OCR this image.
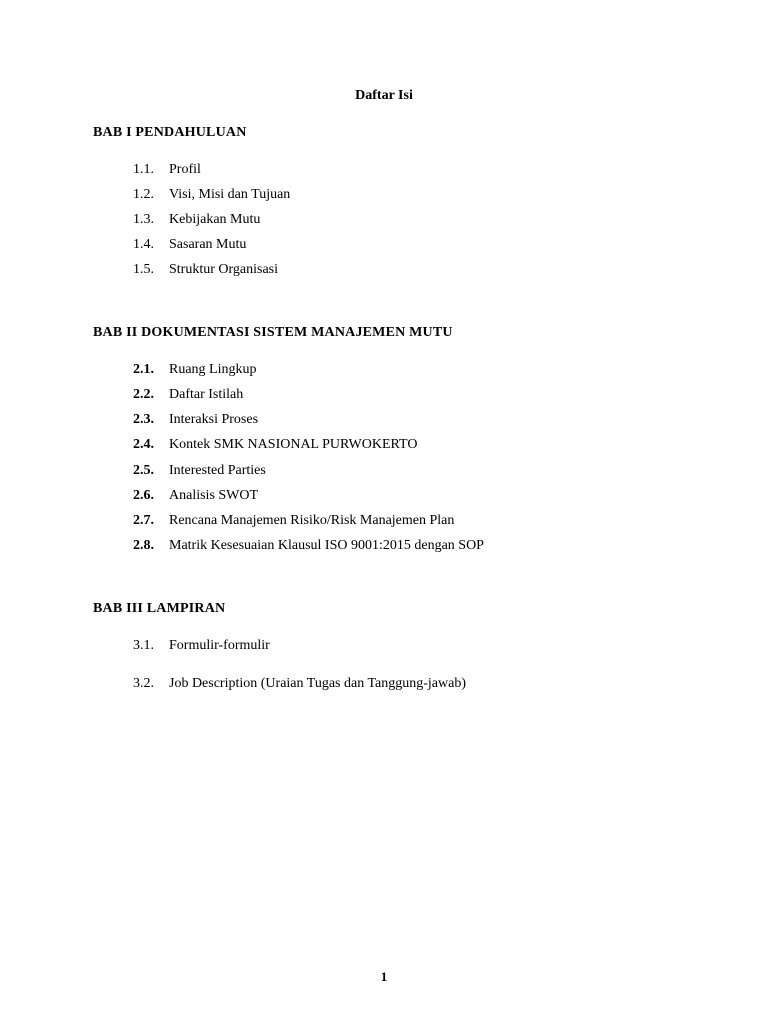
Daftar Isi
BAB I PENDAHULUAN
1.1. Profil
1.2. Visi, Misi dan Tujuan
1.3. Kebijakan Mutu
1.4. Sasaran Mutu
1.5. Struktur Organisasi
BAB II DOKUMENTASI SISTEM MANAJEMEN MUTU
2.1. Ruang Lingkup
2.2. Daftar Istilah
2.3. Interaksi Proses
2.4. Kontek SMK NASIONAL PURWOKERTO
2.5. Interested Parties
2.6. Analisis SWOT
2.7. Rencana Manajemen Risiko/Risk Manajemen Plan
2.8. Matrik Kesesuaian Klausul ISO 9001:2015 dengan SOP
BAB III LAMPIRAN
3.1. Formulir-formulir
3.2. Job Description (Uraian Tugas dan Tanggung-jawab)
1
